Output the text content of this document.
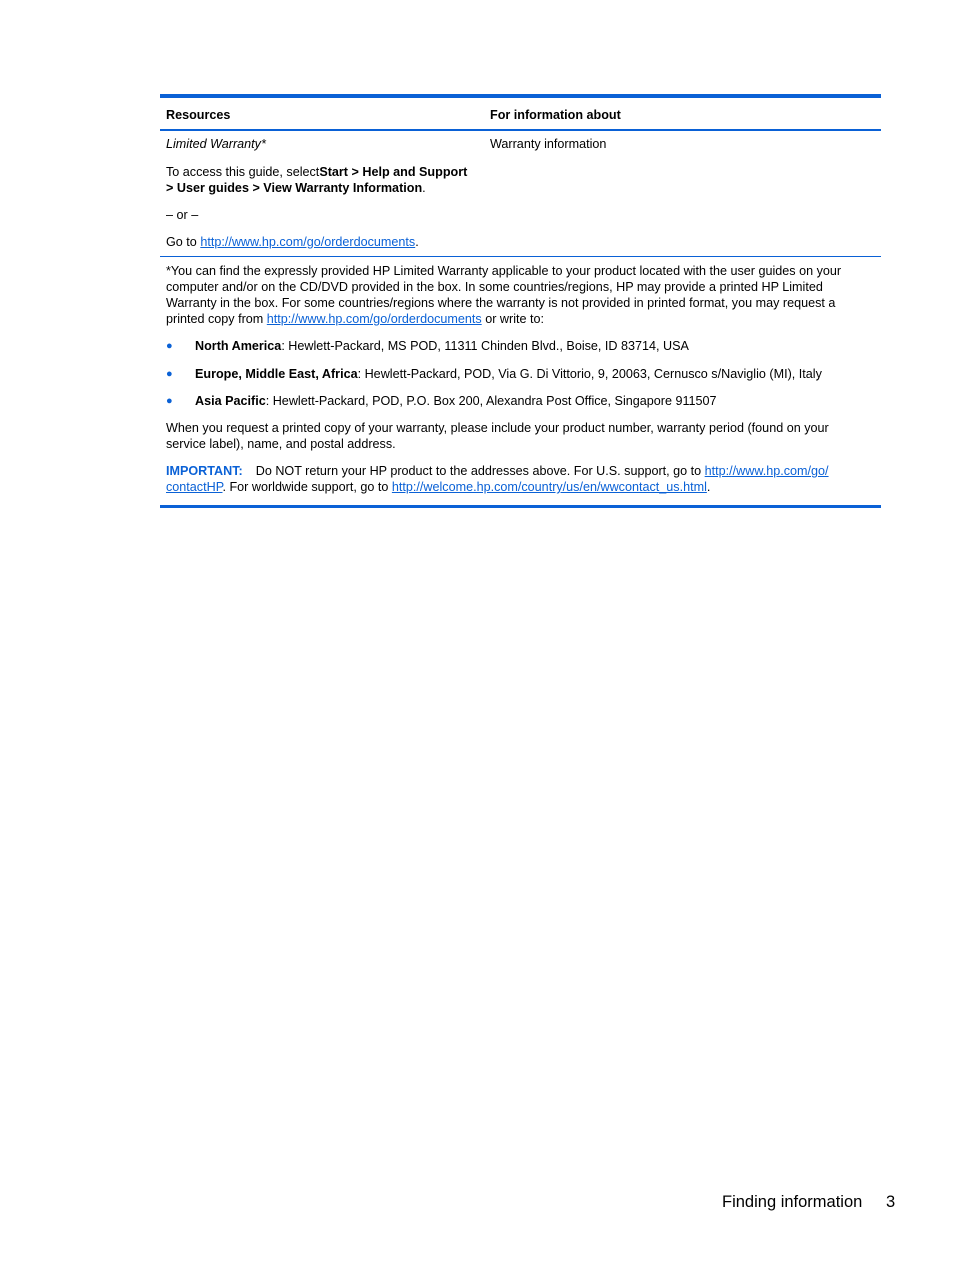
Resources	For information about
Limited Warranty*	Warranty information
To access this guide, selectStart > Help and Support
> User guides > View Warranty Information.
– or –
Go to http://www.hp.com/go/orderdocuments.
*You can find the expressly provided HP Limited Warranty applicable to your product located with the user guides on your
computer and/or on the CD/DVD provided in the box. In some countries/regions, HP may provide a printed HP Limited
Warranty in the box. For some countries/regions where the warranty is not provided in printed format, you may request a
printed copy from http://www.hp.com/go/orderdocuments or write to:
● North America: Hewlett-Packard, MS POD, 11311 Chinden Blvd., Boise, ID 83714, USA
● Europe, Middle East, Africa: Hewlett-Packard, POD, Via G. Di Vittorio, 9, 20063, Cernusco s/Naviglio (MI), Italy
● Asia Pacific: Hewlett-Packard, POD, P.O. Box 200, Alexandra Post Office, Singapore 911507
When you request a printed copy of your warranty, please include your product number, warranty period (found on your
service label), name, and postal address.
IMPORTANT: Do NOT return your HP product to the addresses above. For U.S. support, go to http://www.hp.com/go/
contactHP. For worldwide support, go to http://welcome.hp.com/country/us/en/wwcontact_us.html.
Finding information 3
